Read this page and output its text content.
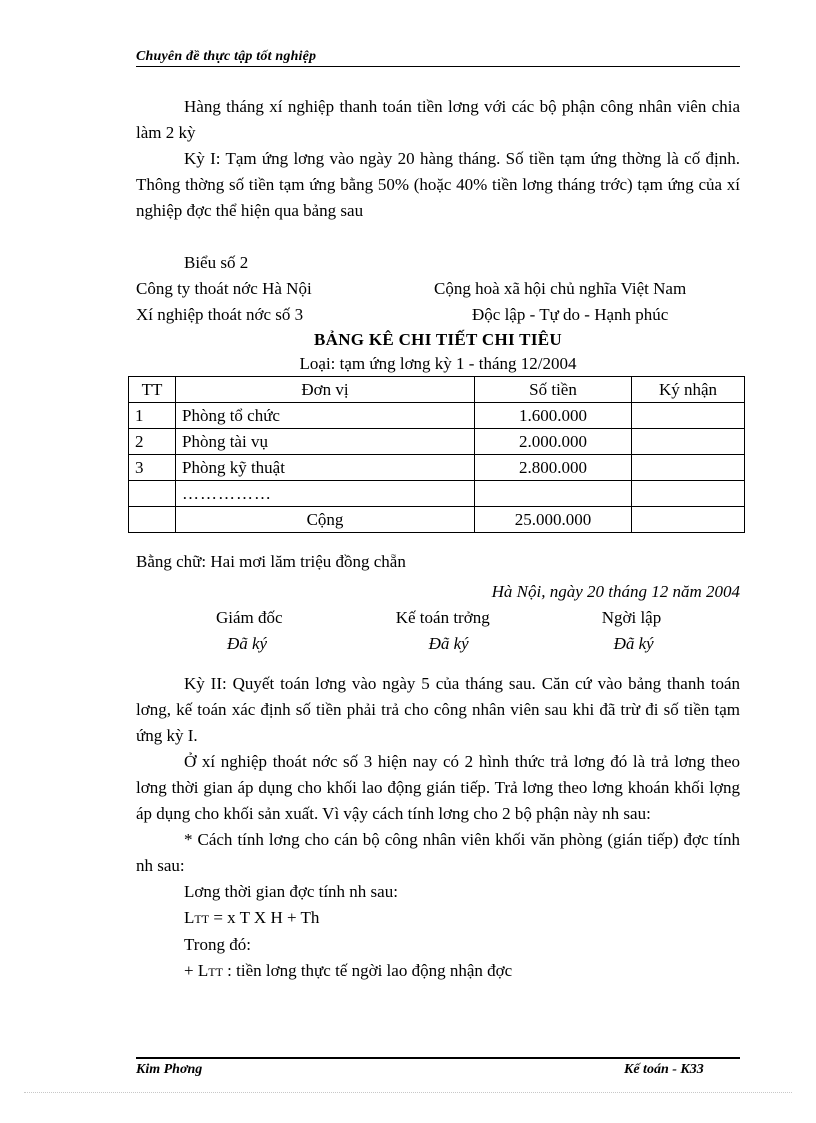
Chuyên đề thực tập tốt nghiệp

Hàng tháng xí nghiệp thanh toán tiền lơng với các bộ phận công nhân viên chia làm 2 kỳ

Kỳ I: Tạm ứng lơng vào ngày 20 hàng tháng. Số tiền tạm ứng thờng là cố định. Thông thờng số tiền tạm ứng bằng 50% (hoặc 40% tiền lơng tháng trớc) tạm ứng của xí nghiệp đợc thể hiện qua bảng sau

Biểu số 2
Công ty thoát nớc Hà Nội	Cộng hoà xã hội chủ nghĩa Việt Nam
Xí nghiệp thoát nớc số 3	Độc lập - Tự do - Hạnh phúc
BẢNG KÊ CHI TIẾT CHI TIÊU
Loại: tạm ứng lơng kỳ 1 - tháng 12/2004
TT	Đơn vị	Số tiền	Ký nhận
1	Phòng tổ chức	1.600.000	
2	Phòng tài vụ	2.000.000	
3	Phòng kỹ thuật	2.800.000	
	……………		
	Cộng	25.000.000	
Bằng chữ: Hai mơi lăm triệu đồng chẵn
Hà Nội, ngày 20 tháng 12 năm 2004
Giám đốc	Kế toán trởng	Ngời lập
Đã ký	Đã ký	Đã ký

Kỳ II: Quyết toán lơng vào ngày 5 của tháng sau. Căn cứ vào bảng thanh toán lơng, kế toán xác định số tiền phải trả cho công nhân viên sau khi đã trừ đi số tiền tạm ứng kỳ I.

Ở xí nghiệp thoát nớc số 3 hiện nay có 2 hình thức trả lơng đó là trả lơng theo lơng thời gian áp dụng cho khối lao động gián tiếp. Trả lơng theo lơng khoán khối lợng áp dụng cho khối sản xuất. Vì vậy cách tính lơng cho 2 bộ phận này nh sau:

* Cách tính lơng cho cán bộ công nhân viên khối văn phòng (gián tiếp) đợc tính nh sau:

Lơng thời gian đợc tính nh sau:
LTT = x T X H + Th
Trong đó:
+ LTT : tiền lơng thực tế ngời lao động nhận đợc
Kim Phơng	Kế toán - K33
